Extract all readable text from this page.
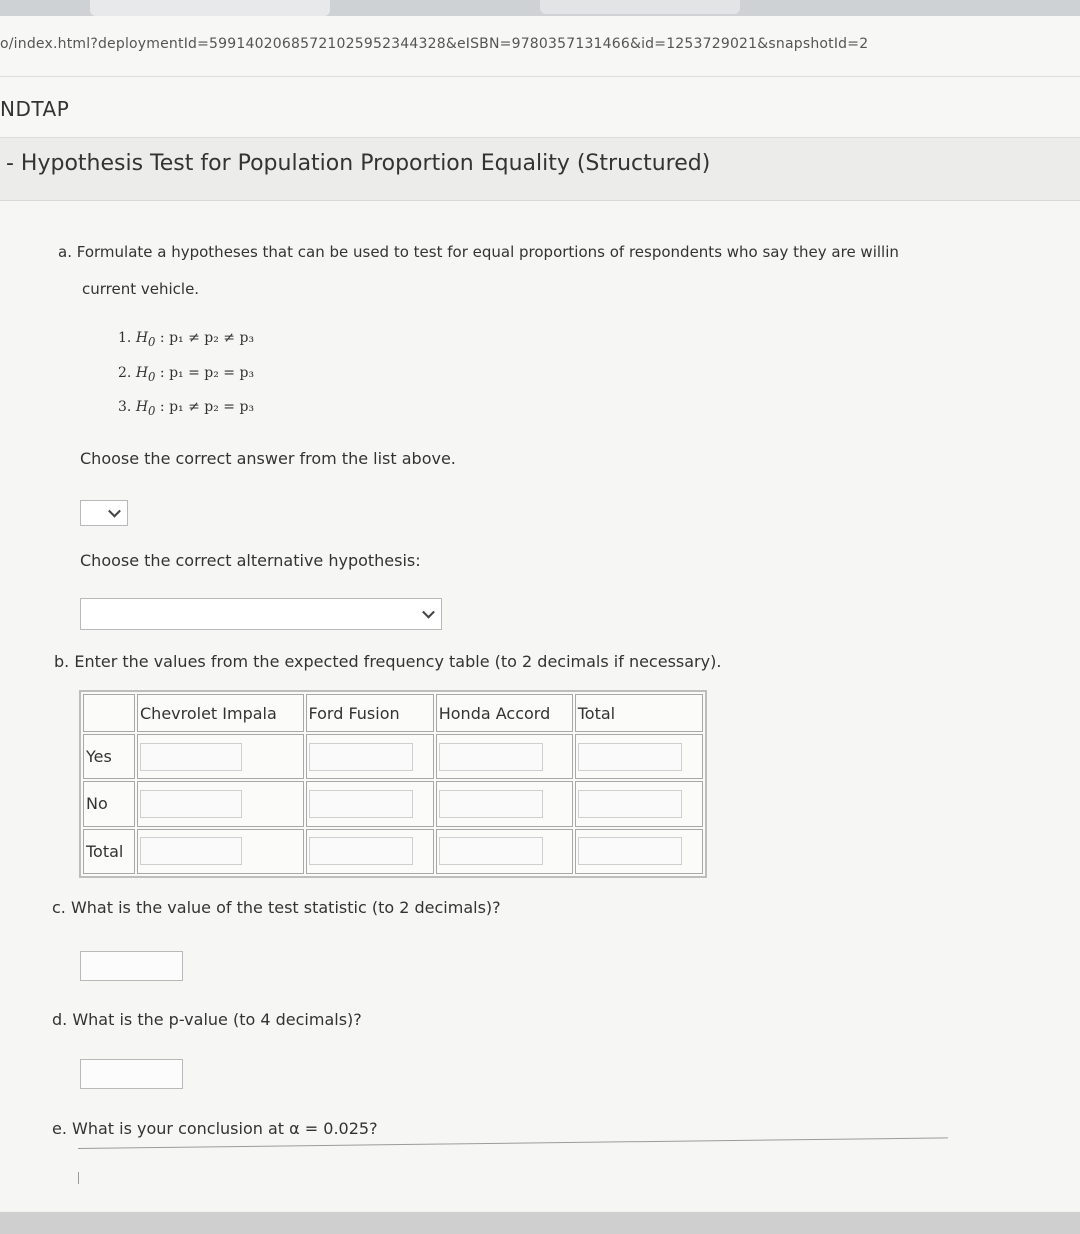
o/index.html?deploymentId=59914020685721025952344328&eISBN=9780357131466&id=1253729021&snapshotId=2
NDTAP
- Hypothesis Test for Population Proportion Equality (Structured)
a. Formulate a hypotheses that can be used to test for equal proportions of respondents who say they are willin
current vehicle.
1. $H_0$ : p₁ ≠ p₂ ≠ p₃
2. $H_0$ : p₁ = p₂ = p₃
3. $H_0$ : p₁ ≠ p₂ = p₃
Choose the correct answer from the list above.
Choose the correct alternative hypothesis:
b. Enter the values from the expected frequency table (to 2 decimals if necessary).
	Chevrolet Impala	Ford Fusion	Honda Accord	Total
Yes	

No	

Total	

c. What is the value of the test statistic (to 2 decimals)?
d. What is the p-value (to 4 decimals)?
e. What is your conclusion at α = 0.025?
